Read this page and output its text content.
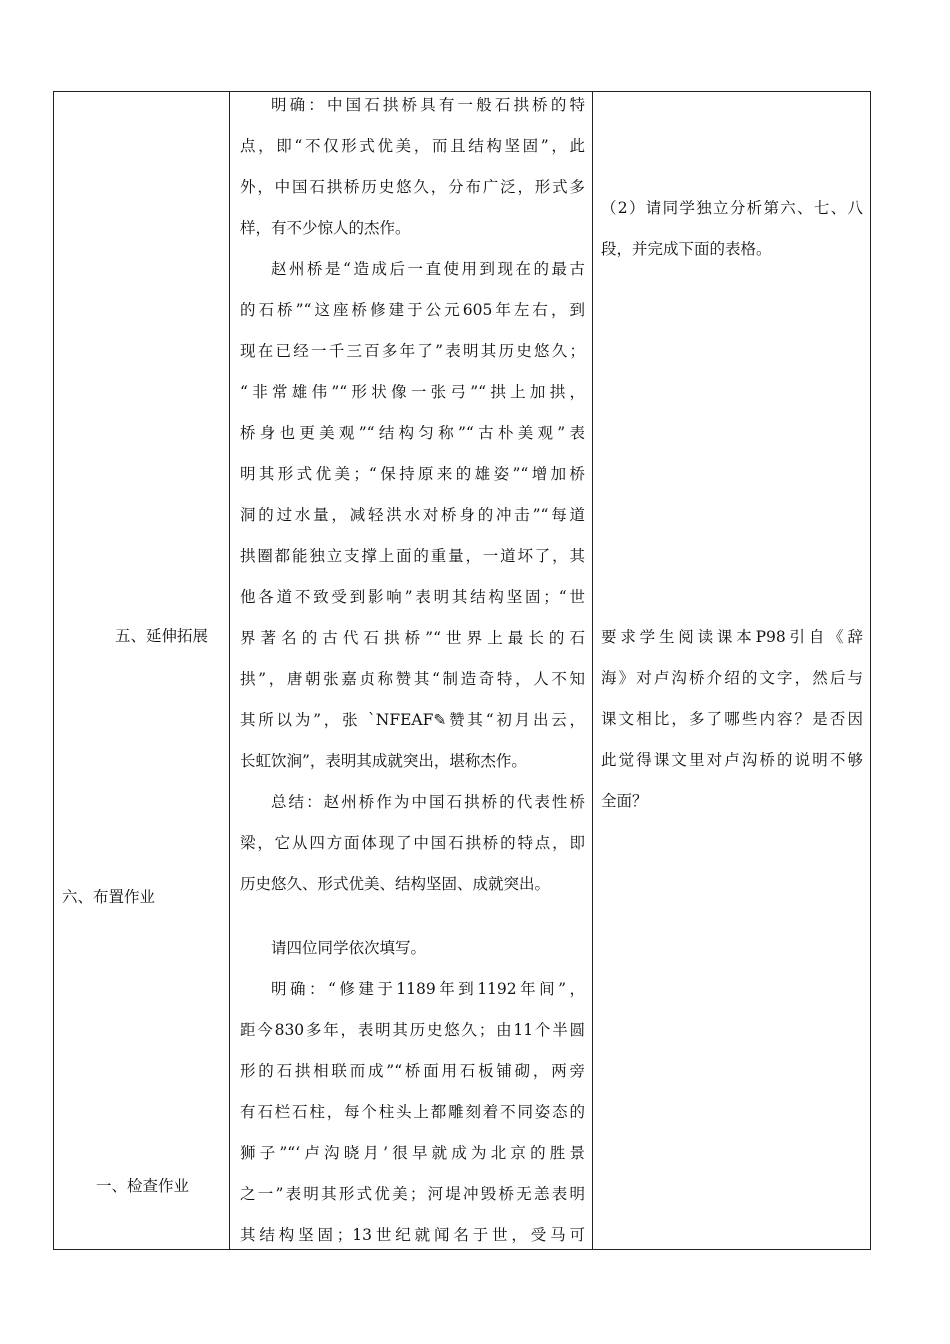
五、延伸拓展
六、布置作业
一、检查作业
明确：中国石拱桥具有一般石拱桥的特
点，即“不仅形式优美，而且结构坚固”，此
外，中国石拱桥历史悠久，分布广泛，形式多
样，有不少惊人的杰作。
赵州桥是“造成后一直使用到现在的最古
的石桥”“这座桥修建于公元605年左右，到
现在已经一千三百多年了”表明其历史悠久；
“非常雄伟”“形状像一张弓”“拱上加拱，
桥身也更美观”“结构匀称”“古朴美观”表
明其形式优美；“保持原来的雄姿”“增加桥
洞的过水量，减轻洪水对桥身的冲击”“每道
拱圈都能独立支撑上面的重量，一道坏了，其
他各道不致受到影响”表明其结构坚固；“世
界著名的古代石拱桥”“世界上最长的石
拱”，唐朝张嘉贞称赞其“制造奇特，人不知
其所以为”，张 `NFEAF✎赞其“初月出云，
长虹饮涧”，表明其成就突出，堪称杰作。
总结：赵州桥作为中国石拱桥的代表性桥
梁，它从四方面体现了中国石拱桥的特点，即
历史悠久、形式优美、结构坚固、成就突出。
请四位同学依次填写。
明确：“修建于1189年到1192年间”，
距今830多年，表明其历史悠久；由11个半圆
形的石拱相联而成”“桥面用石板铺砌，两旁
有石栏石柱，每个柱头上都雕刻着不同姿态的
狮子”“‘卢沟晓月’很早就成为北京的胜景
之一”表明其形式优美；河堤冲毁桥无恙表明
其结构坚固；13世纪就闻名于世，受马可
（2）请同学独立分析第六、七、八
段，并完成下面的表格。
要求学生阅读课本P98引自《辞
海》对卢沟桥介绍的文字，然后与
课文相比，多了哪些内容？是否因
此觉得课文里对卢沟桥的说明不够
全面？
